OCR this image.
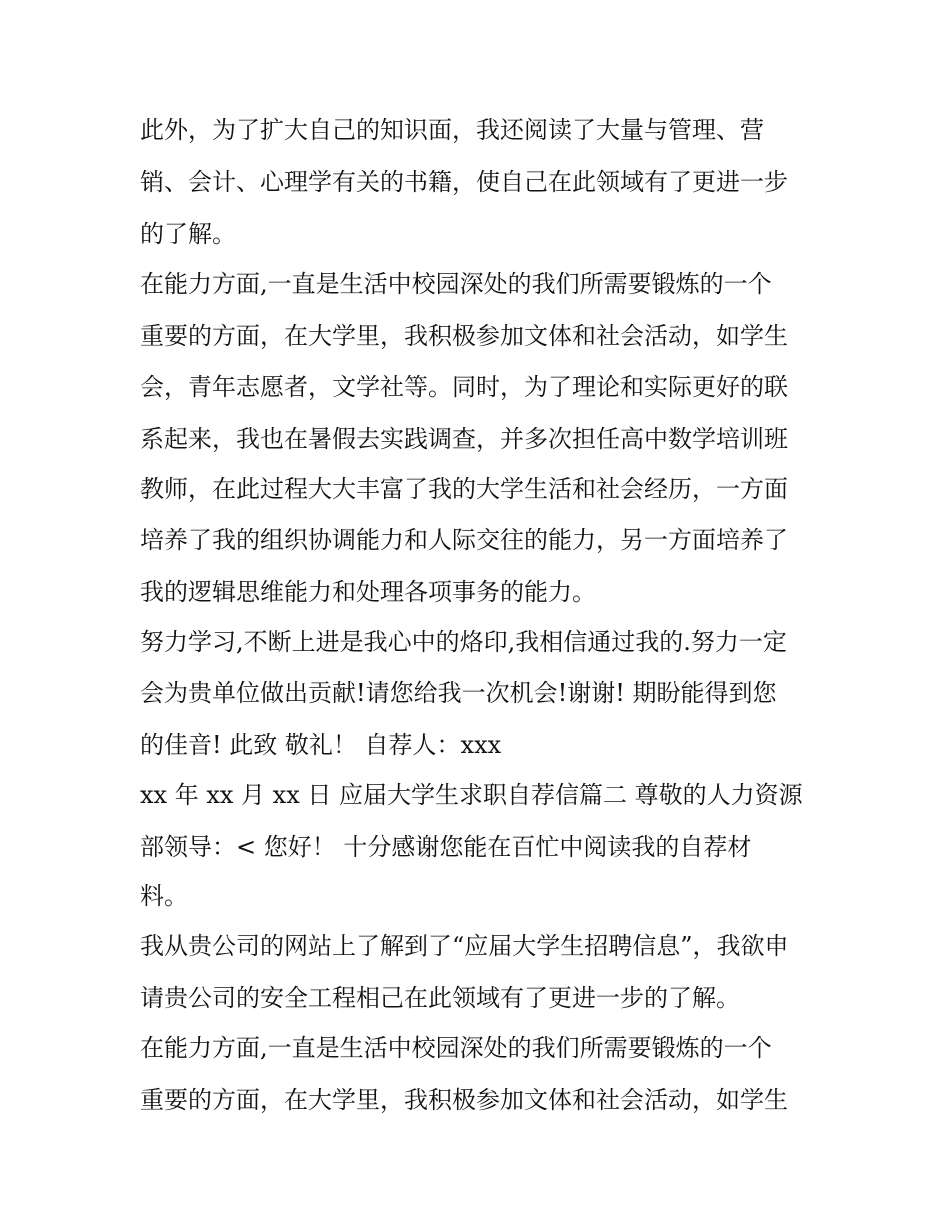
此外，为了扩大自己的知识面，我还阅读了大量与管理、营

销、会计、心理学有关的书籍，使自己在此领域有了更进一步

的了解。

在能力方面,一直是生活中校园深处的我们所需要锻炼的一个

重要的方面，在大学里，我积极参加文体和社会活动，如学生

会，青年志愿者，文学社等。同时，为了理论和实际更好的联

系起来，我也在暑假去实践调查，并多次担任高中数学培训班

教师，在此过程大大丰富了我的大学生活和社会经历，一方面

培养了我的组织协调能力和人际交往的能力，另一方面培养了

我的逻辑思维能力和处理各项事务的能力。

努力学习,不断上进是我心中的烙印,我相信通过我的.努力一定

会为贵单位做出贡献!请您给我一次机会!谢谢! 期盼能得到您

的佳音! 此致 敬礼！ 自荐人：xxx

xx 年 xx 月 xx 日 应届大学生求职自荐信篇二 尊敬的人力资源

部领导：< 您好！ 十分感谢您能在百忙中阅读我的自荐材

料。

我从贵公司的网站上了解到了“应届大学生招聘信息”，我欲申

请贵公司的安全工程相己在此领域有了更进一步的了解。

在能力方面,一直是生活中校园深处的我们所需要锻炼的一个

重要的方面，在大学里，我积极参加文体和社会活动，如学生
